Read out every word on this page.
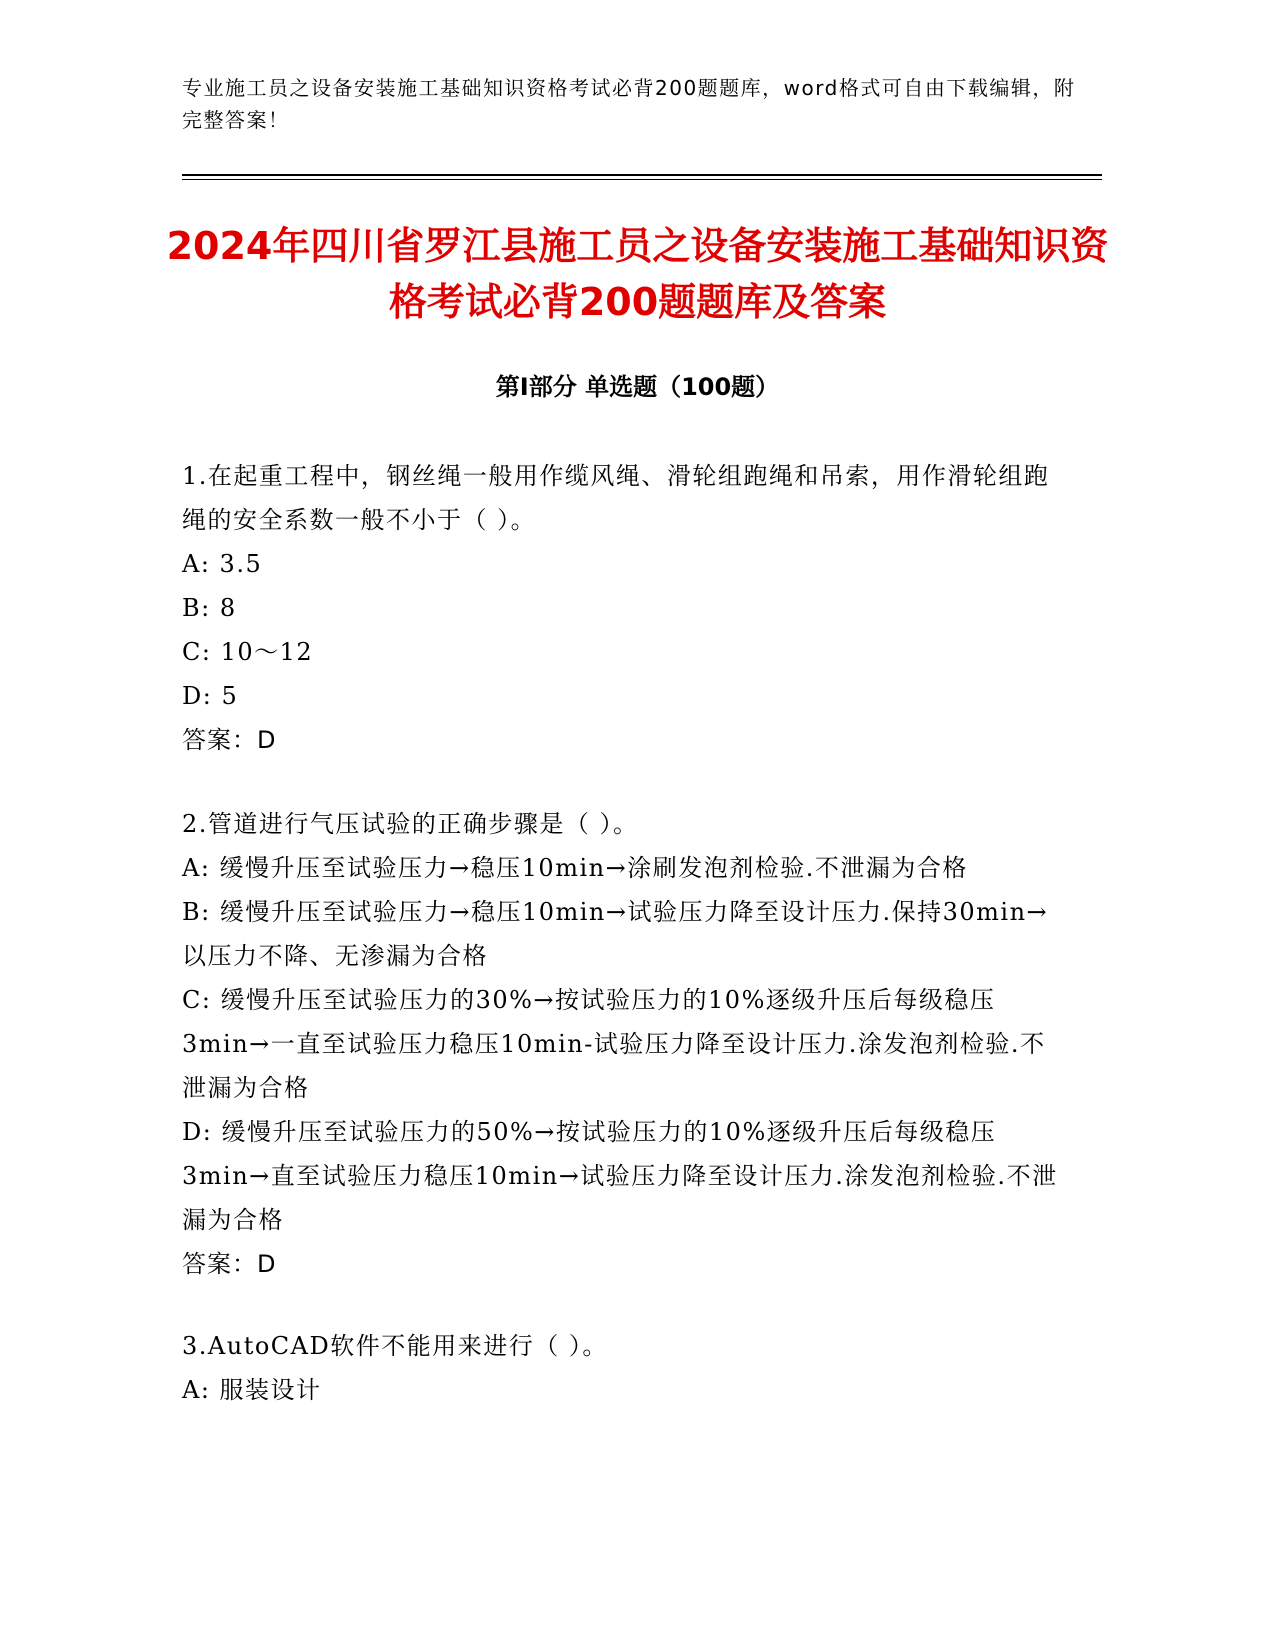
专业施工员之设备安装施工基础知识资格考试必背200题题库，word格式可自由下载编辑，附完整答案！
2024年四川省罗江县施工员之设备安装施工基础知识资格考试必背200题题库及答案
第Ⅰ部分 单选题（100题）
1.在起重工程中，钢丝绳一般用作缆风绳、滑轮组跑绳和吊索，用作滑轮组跑绳的安全系数一般不小于（ ）。
A: 3.5
B: 8
C: 10～12
D: 5
答案：D
2.管道进行气压试验的正确步骤是（ ）。
A: 缓慢升压至试验压力→稳压10min→涂刷发泡剂检验.不泄漏为合格
B: 缓慢升压至试验压力→稳压10min→试验压力降至设计压力.保持30min→以压力不降、无渗漏为合格
C: 缓慢升压至试验压力的30%→按试验压力的10%逐级升压后每级稳压3min→一直至试验压力稳压10min-试验压力降至设计压力.涂发泡剂检验.不泄漏为合格
D: 缓慢升压至试验压力的50%→按试验压力的10%逐级升压后每级稳压3min→直至试验压力稳压10min→试验压力降至设计压力.涂发泡剂检验.不泄漏为合格
答案：D
3.AutoCAD软件不能用来进行（ ）。
A: 服装设计
